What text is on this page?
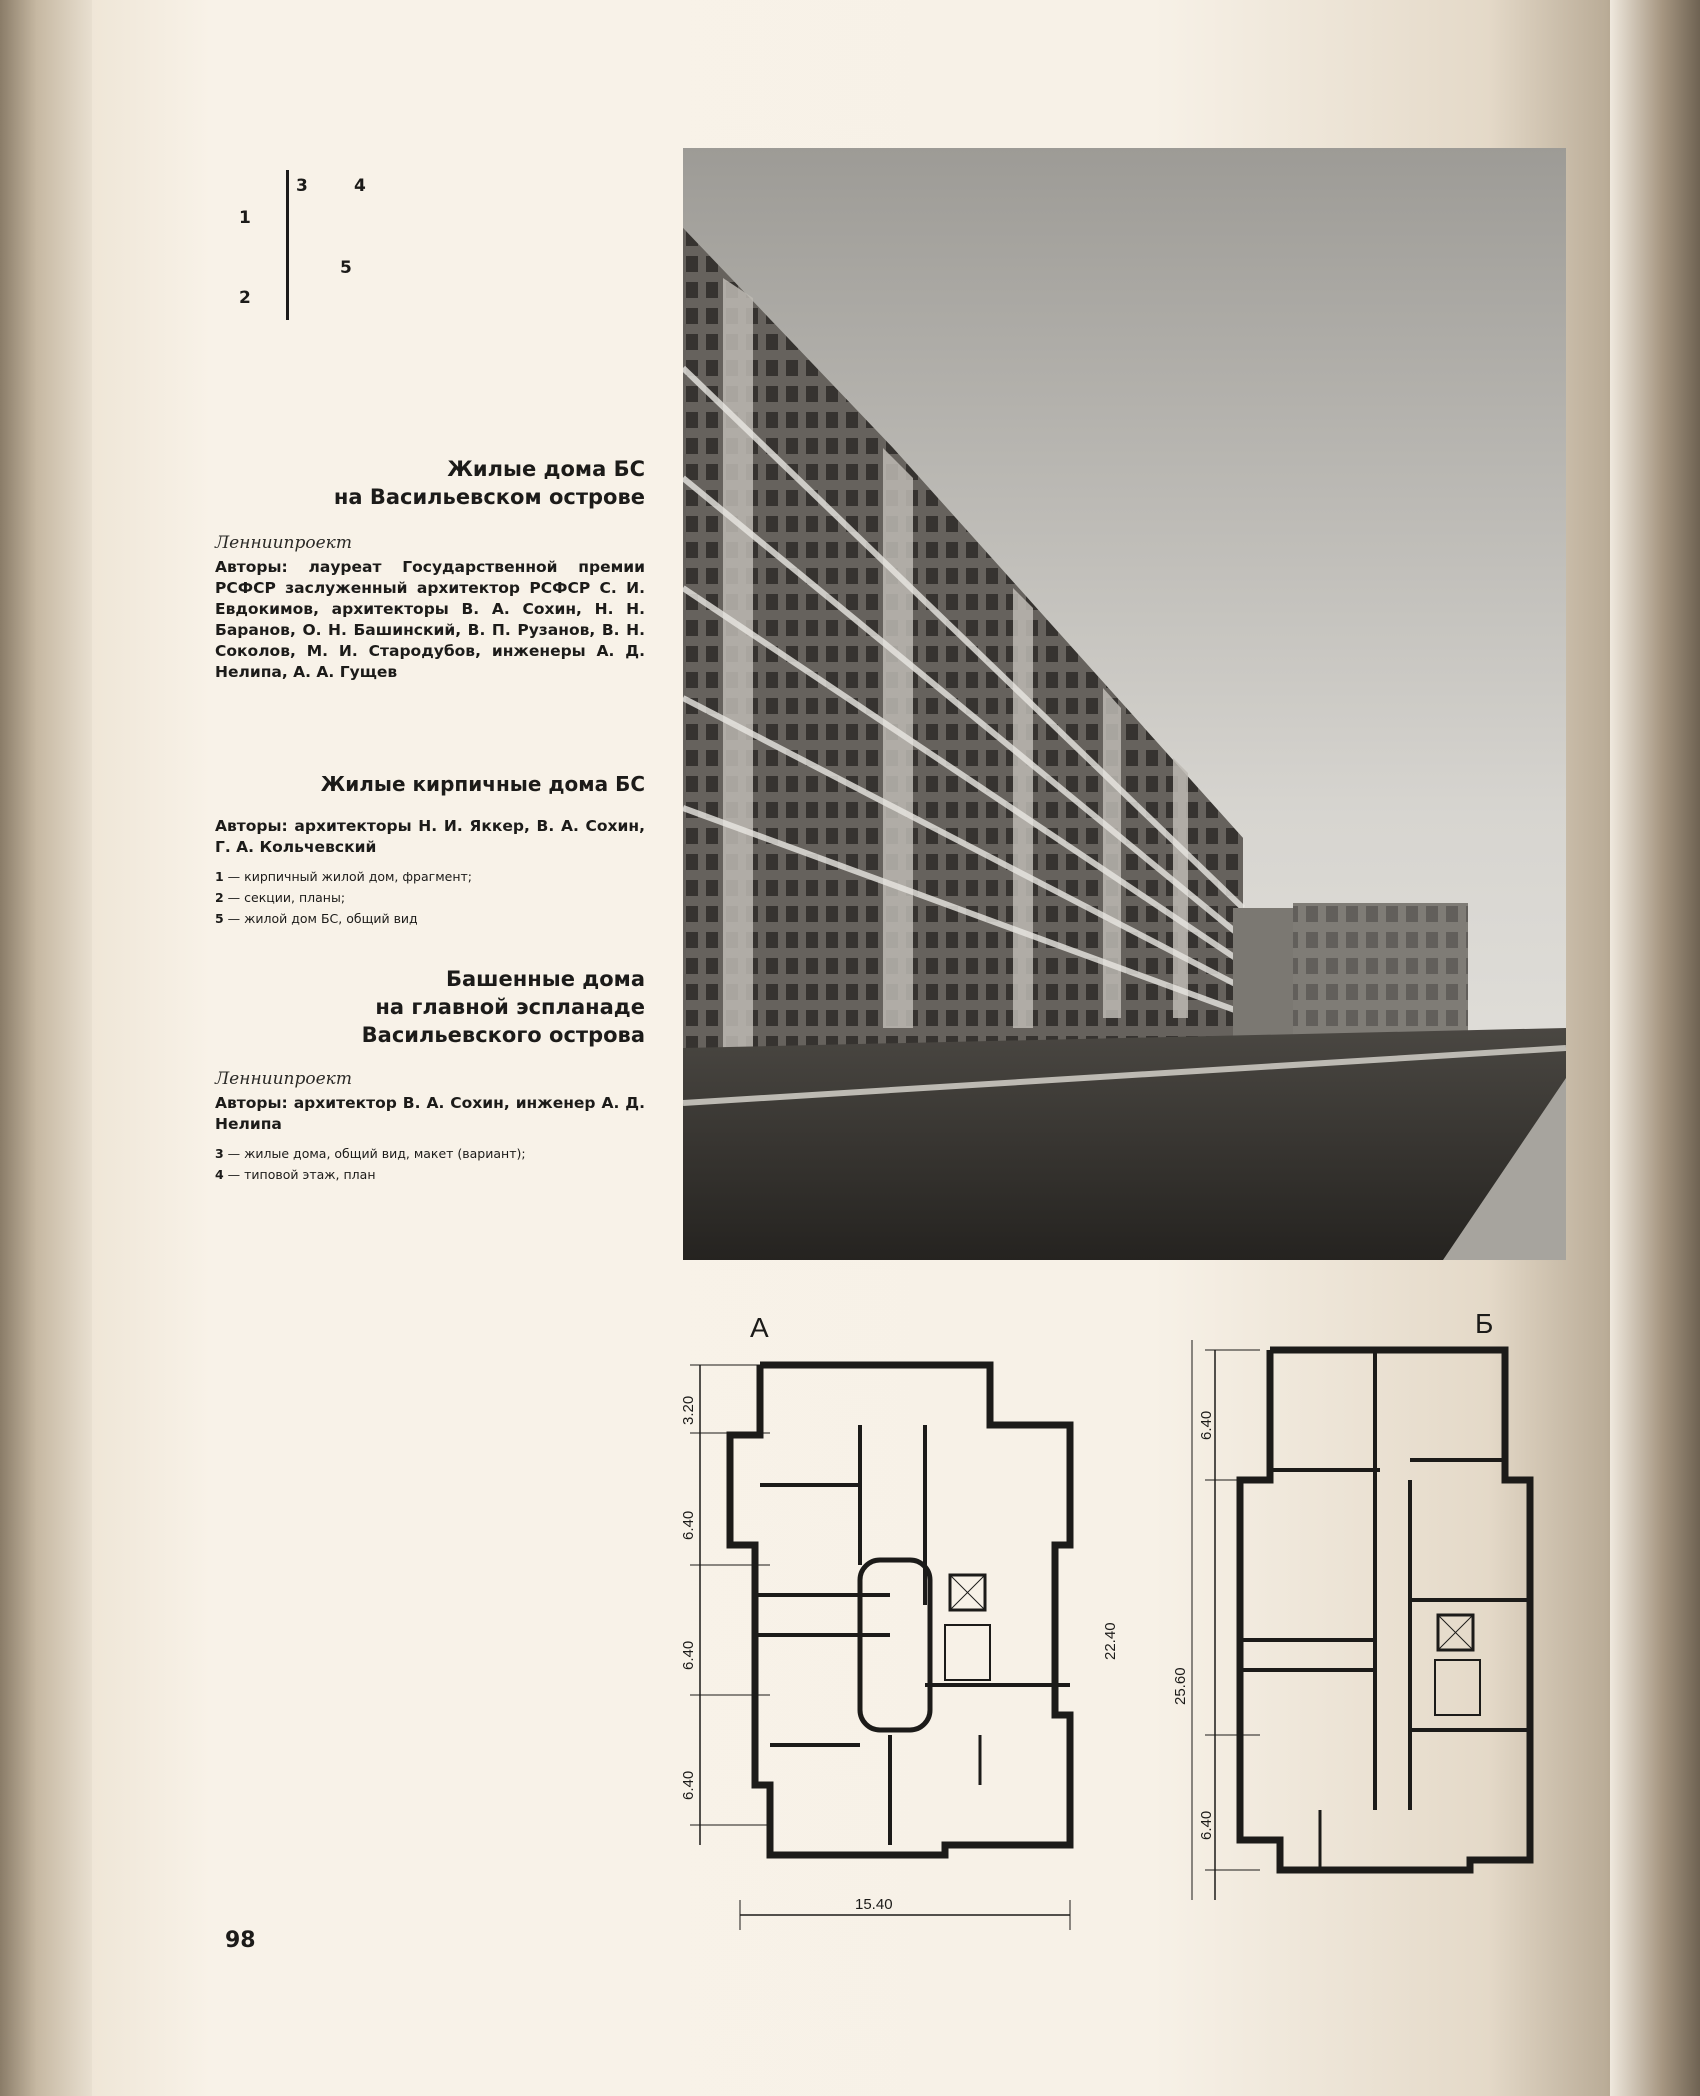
1
2
3	4
5
Жилые дома БС
на Васильевском острове
Ленниипроект
Авторы: лауреат Государственной премии РСФСР заслуженный архитектор РСФСР С. И. Евдокимов, архитекторы В. А. Сохин, Н. Н. Баранов, О. Н. Башинский, В. П. Рузанов, В. Н. Соколов, М. И. Стародубов, инженеры А. Д. Нелипа, А. А. Гущев
Жилые кирпичные дома БС
Авторы: архитекторы Н. И. Яккер, В. А. Сохин, Г. А. Кольчевский
1 — кирпичный жилой дом, фрагмент;
2 — секции, планы;
5 — жилой дом БС, общий вид
Башенные дома
на главной эспланаде
Васильевского острова
Ленниипроект
Авторы: архитектор В. А. Сохин, инженер А. Д. Нелипа
3 — жилые дома, общий вид, макет (вариант);
4 — типовой этаж, план
А
3.20
6.40
6.40
6.40
15.40
22.40
Б
6.40
6.40
25.60
98
